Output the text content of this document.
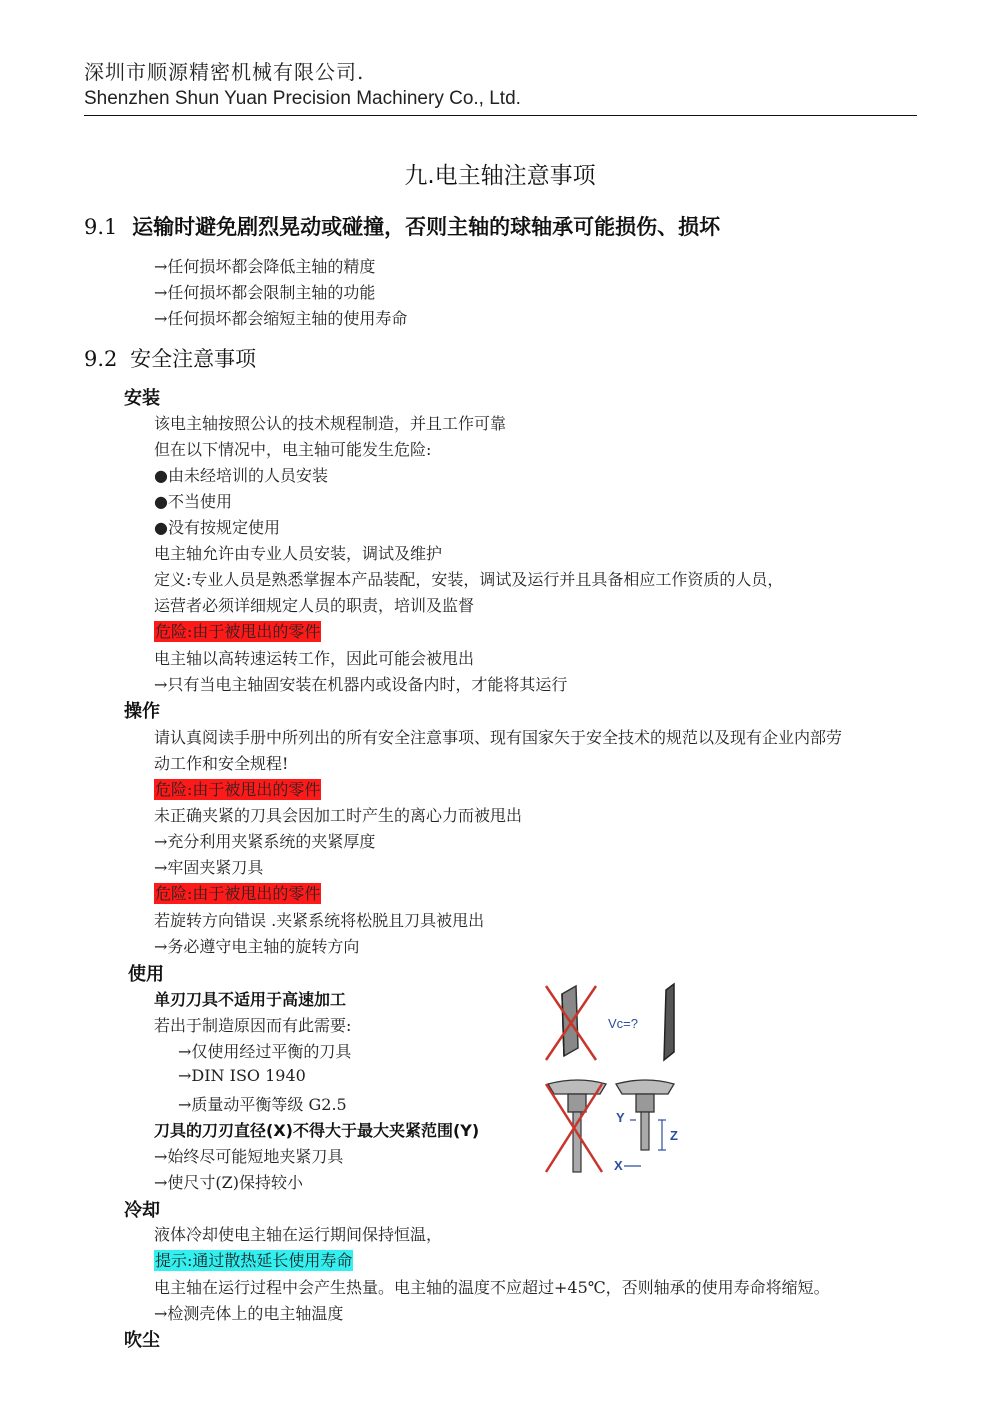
深圳市顺源精密机械有限公司.
Shenzhen Shun Yuan Precision Machinery Co., Ltd.
九.电主轴注意事项
9.1 运输时避免剧烈晃动或碰撞，否则主轴的球轴承可能损伤、损坏
→任何损坏都会降低主轴的精度
→任何损坏都会限制主轴的功能
→任何损坏都会缩短主轴的使用寿命
9.2 安全注意事项
安装
该电主轴按照公认的技术规程制造，并且工作可靠
但在以下情况中，电主轴可能发生危险:
●由未经培训的人员安装
●不当使用
●没有按规定使用
电主轴允许由专业人员安装，调试及维护
定义:专业人员是熟悉掌握本产品装配，安装，调试及运行并且具备相应工作资质的人员，
运营者必须详细规定人员的职责，培训及监督
危险:由于被甩出的零件
电主轴以高转速运转工作，因此可能会被甩出
→只有当电主轴固安装在机器内或设备内时，才能将其运行
操作
请认真阅读手册中所列出的所有安全注意事项、现有国家矢于安全技术的规范以及现有企业内部劳
动工作和安全规程!
危险:由于被甩出的零件
未正确夹紧的刀具会因加工时产生的离心力而被甩出
→充分利用夹紧系统的夹紧厚度
→牢固夹紧刀具
危险:由于被甩出的零件
若旋转方向错误 .夹紧系统将松脱且刀具被甩出
→务必遵守电主轴的旋转方向
使用
单刃刀具不适用于高速加工
若出于制造原因而有此需要:
→仅使用经过平衡的刀具
→DIN ISO 1940
→质量动平衡等级 G2.5
刀具的刀刃直径(X)不得大于最大夹紧范围(Y)
→始终尽可能短地夹紧刀具
→使尺寸(Z)保持较小
Vc=?
Y
Z
X
冷却
液体冷却使电主轴在运行期间保持恒温，
提示:通过散热延长使用寿命
电主轴在运行过程中会产生热量。电主轴的温度不应超过+45℃，否则轴承的使用寿命将缩短。
→检测壳体上的电主轴温度
吹尘
